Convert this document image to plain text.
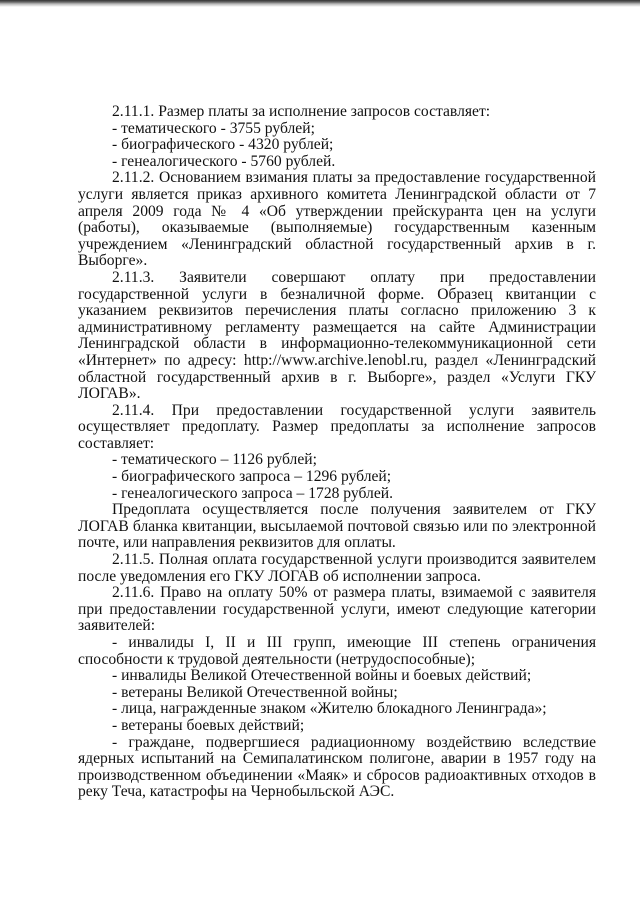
2.11.1. Размер платы за исполнение запросов составляет:

- тематического - 3755 рублей;

- биографического - 4320 рублей;

- генеалогического - 5760 рублей.

2.11.2. Основанием взимания платы за предоставление государственной услуги является приказ архивного комитета Ленинградской области от 7 апреля 2009 года № 4 «Об утверждении прейскуранта цен на услуги (работы), оказываемые (выполняемые) государственным казенным учреждением «Ленинградский областной государственный архив в г. Выборге».

2.11.3. Заявители совершают оплату при предоставлении государственной услуги в безналичной форме. Образец квитанции с указанием реквизитов перечисления платы согласно приложению 3 к административному регламенту размещается на сайте Администрации Ленинградской области в информационно-телекоммуникационной сети «Интернет» по адресу: http://www.archive.lenobl.ru, раздел «Ленинградский областной государственный архив в г. Выборге», раздел «Услуги ГКУ ЛОГАВ».

2.11.4. При предоставлении государственной услуги заявитель осуществляет предоплату. Размер предоплаты за исполнение запросов составляет:

- тематического – 1126 рублей;

- биографического запроса – 1296 рублей;

- генеалогического запроса – 1728 рублей.

Предоплата осуществляется после получения заявителем от ГКУ ЛОГАВ бланка квитанции, высылаемой почтовой связью или по электронной почте, или направления реквизитов для оплаты.

2.11.5. Полная оплата государственной услуги производится заявителем после уведомления его ГКУ ЛОГАВ об исполнении запроса.

2.11.6. Право на оплату 50% от размера платы, взимаемой с заявителя при предоставлении государственной услуги, имеют следующие категории заявителей:

- инвалиды I, II и III групп, имеющие III степень ограничения способности к трудовой деятельности (нетрудоспособные);

- инвалиды Великой Отечественной войны и боевых действий;

- ветераны Великой Отечественной войны;

- лица, награжденные знаком «Жителю блокадного Ленинграда»;

- ветераны боевых действий;

- граждане, подвергшиеся радиационному воздействию вследствие ядерных испытаний на Семипалатинском полигоне, аварии в 1957 году на производственном объединении «Маяк» и сбросов радиоактивных отходов в реку Теча, катастрофы на Чернобыльской АЭС.
